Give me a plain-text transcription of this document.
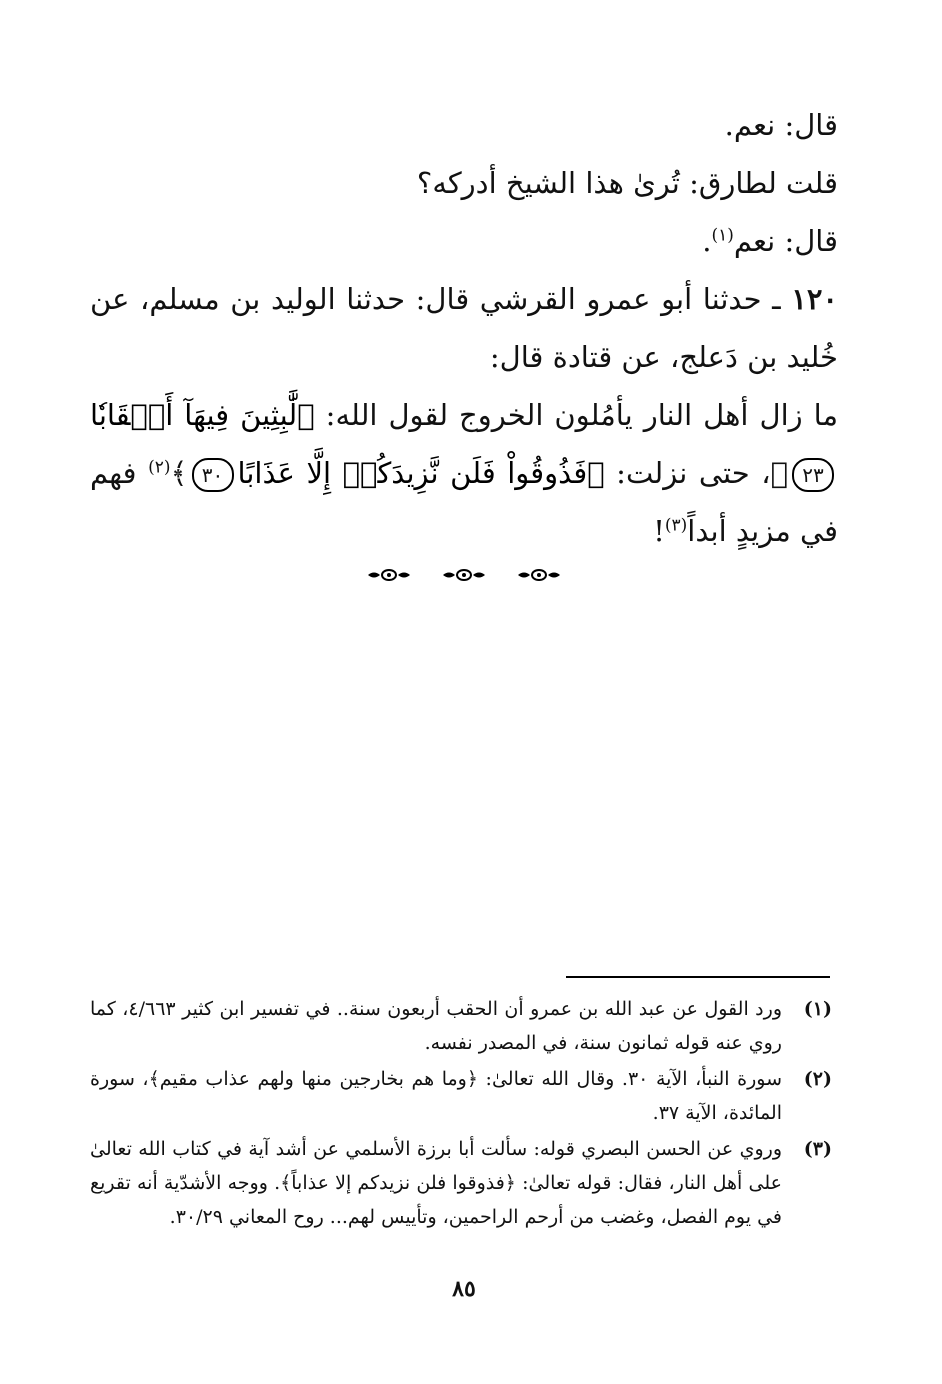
قال: نعم.

قلت لطارق: تُرىٰ هذا الشيخ أدركه؟

قال: نعم$^{(١)}$.

١٢٠ ـ حدثنا أبو عمرو القرشي قال: حدثنا الوليد بن مسلم، عن خُليد بن دَعلج، عن قتادة قال:

ما زال أهل النار يأمُلون الخروج لقول الله: ﴿لَّٰبِثِينَ فِيهَآ أَحۡقَابٗا٢٣﴾، حتى نزلت: ﴿فَذُوقُواْ فَلَن نَّزِيدَكُمۡ إِلَّا عَذَابًا٣٠﴾$^{(٢)}$ فهم في مزيدٍ أبداً$^{(٣)}$!

(١)
ورد القول عن عبد الله بن عمرو أن الحقب أربعون سنة.. في تفسير ابن كثير ٤/٦٦٣، كما روي عنه قوله ثمانون سنة، في المصدر نفسه.
(٢)
سورة النبأ، الآية ٣٠. وقال الله تعالىٰ: ﴿وما هم بخارجين منها ولهم عذاب مقيم﴾، سورة المائدة، الآية ٣٧.
(٣)
وروي عن الحسن البصري قوله: سألت أبا برزة الأسلمي عن أشد آية في كتاب الله تعالىٰ على أهل النار، فقال: قوله تعالىٰ: ﴿فذوقوا فلن نزيدكم إلا عذاباً﴾. ووجه الأشدّية أنه تقريع في يوم الفصل، وغضب من أرحم الراحمين، وتأييس لهم... روح المعاني ٣٠/٢٩.
٨٥
